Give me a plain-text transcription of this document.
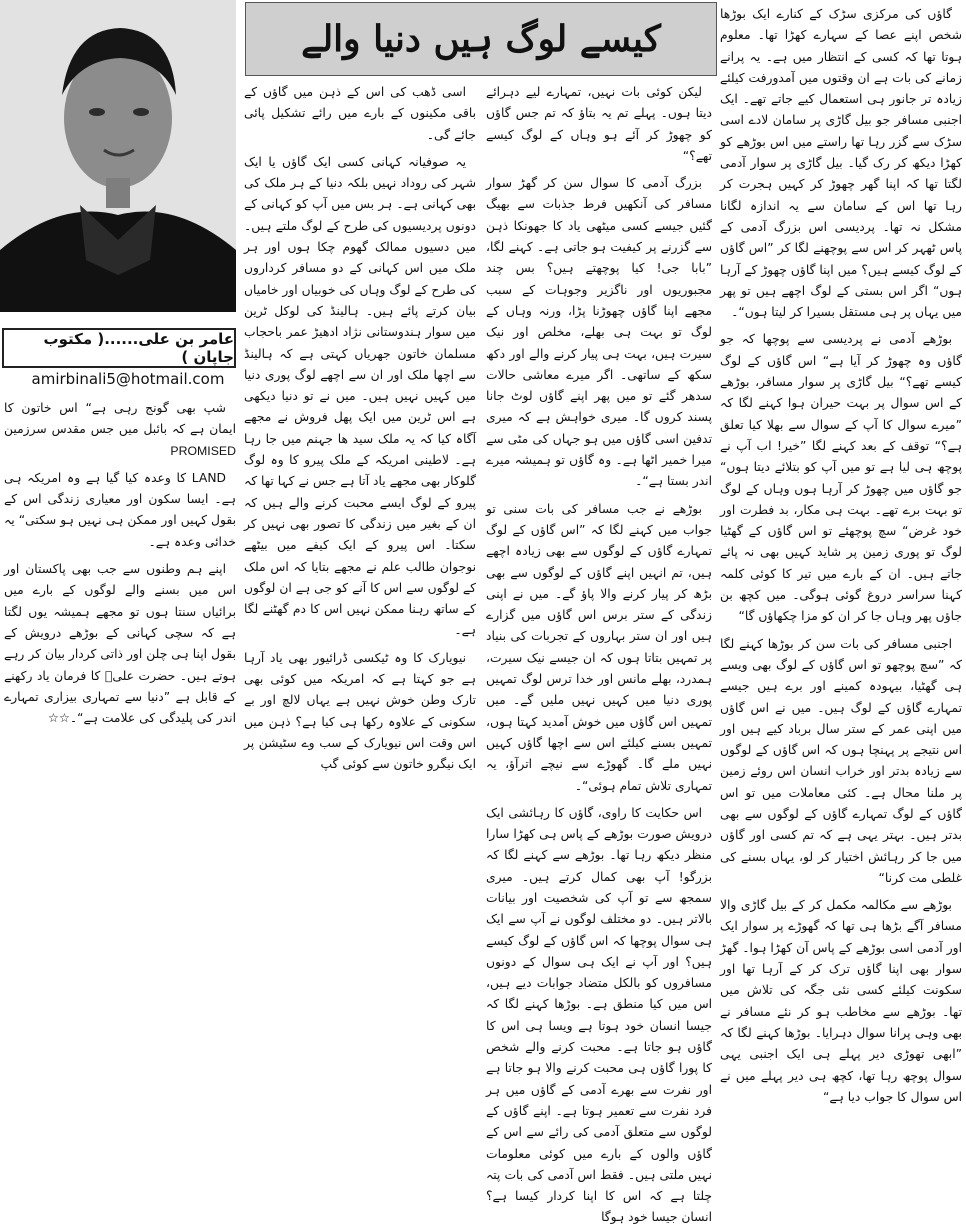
عامر بن علی......( مکتوب جاپان )
amirbinali5@hotmail.com
کیسے لوگ ہیں دنیا والے

گاؤں کی مرکزی سڑک کے کنارے ایک بوڑھا شخص اپنے عصا کے سہارے کھڑا تھا۔ معلوم ہوتا تھا کہ کسی کے انتظار میں ہے۔ یہ پرانے زمانے کی بات ہے ان وقتوں میں آمدورفت کیلئے زیادہ تر جانور ہی استعمال کیے جاتے تھے۔ ایک اجنبی مسافر جو بیل گاڑی پر سامان لادے اسی سڑک سے گزر رہا تھا راستے میں اس بوڑھے کو کھڑا دیکھ کر رک گیا۔ بیل گاڑی پر سوار آدمی لگتا تھا کہ اپنا گھر چھوڑ کر کہیں ہجرت کر رہا تھا اس کے سامان سے یہ اندازہ لگانا مشکل نہ تھا۔ پردیسی اس بزرگ آدمی کے پاس ٹھہر کر اس سے پوچھنے لگا کر ”اس گاؤں کے لوگ کیسے ہیں؟ میں اپنا گاؤں چھوڑ کے آرہا ہوں“ اگر اس بستی کے لوگ اچھے ہیں تو پھر میں یہاں پر ہی مستقل بسیرا کر لیتا ہوں“۔

بوڑھے آدمی نے پردیسی سے پوچھا کہ جو گاؤں وہ چھوڑ کر آیا ہے“ اس گاؤں کے لوگ کیسے تھے؟“ بیل گاڑی پر سوار مسافر، بوڑھے کے اس سوال پر بہت حیران ہوا کہنے لگا کہ ”میرے سوال کا آپ کے سوال سے بھلا کیا تعلق ہے؟“ توقف کے بعد کہنے لگا ”خیر! اب آپ نے پوچھ ہی لیا ہے تو میں آپ کو بتلائے دیتا ہوں“ جو گاؤں میں چھوڑ کر آرہا ہوں وہاں کے لوگ تو بہت برے تھے۔ بہت ہی مکار، بد فطرت اور خود غرض“ سچ پوچھئے تو اس گاؤں کے گھٹیا لوگ تو پوری زمین پر شاید کہیں بھی نہ پائے جاتے ہیں۔ ان کے بارے میں تیر کا کوئی کلمہ کہنا سراسر دروغ گوئی ہوگی۔ میں کچھ بن جاؤں پھر وہاں جا کر ان کو مزا چکھاؤں گا“

اجنبی مسافر کی بات سن کر بوڑھا کہنے لگا کہ ”سچ پوچھو تو اس گاؤں کے لوگ بھی ویسے ہی گھٹیا، بیہودہ کمینے اور برے ہیں جیسے تمہارے گاؤں کے لوگ ہیں۔ میں نے اس گاؤں میں اپنی عمر کے ستر سال برباد کیے ہیں اور اس نتیجے پر پہنچا ہوں کہ اس گاؤں کے لوگوں سے زیادہ بدتر اور خراب انسان اس روئے زمین پر ملنا محال ہے۔ کئی معاملات میں تو اس گاؤں کے لوگ تمہارے گاؤں کے لوگوں سے بھی بدتر ہیں۔ بہتر یہی ہے کہ تم کسی اور گاؤں میں جا کر رہائش اختیار کر لو، یہاں بسنے کی غلطی مت کرنا“

بوڑھے سے مکالمہ مکمل کر کے بیل گاڑی والا مسافر آگے بڑھا ہی تھا کہ گھوڑے پر سوار ایک اور آدمی اسی بوڑھے کے پاس آن کھڑا ہوا۔ گھڑ سوار بھی اپنا گاؤں ترک کر کے آرہا تھا اور سکونت کیلئے کسی نئی جگہ کی تلاش میں تھا۔ بوڑھے سے مخاطب ہو کر نئے مسافر نے بھی وہی پرانا سوال دہرایا۔ بوڑھا کہنے لگا کہ ”ابھی تھوڑی دیر پہلے ہی ایک اجنبی یہی سوال پوچھ رہا تھا، کچھ ہی دیر پہلے میں نے اس سوال کا جواب دیا ہے“

لیکن کوئی بات نہیں، تمہارے لیے دہرائے دیتا ہوں۔ پہلے تم یہ بتاؤ کہ تم جس گاؤں کو چھوڑ کر آئے ہو وہاں کے لوگ کیسے تھے؟“

بزرگ آدمی کا سوال سن کر گھڑ سوار مسافر کی آنکھیں فرط جذبات سے بھیگ گئیں جیسے کسی میٹھی یاد کا جھونکا ذہن سے گزرنے پر کیفیت ہو جاتی ہے۔ کہنے لگا، ”بابا جی! کیا پوچھتے ہیں؟ بس چند مجبوریوں اور ناگزیر وجوہات کے سبب مجھے اپنا گاؤں چھوڑنا پڑا، ورنہ وہاں کے لوگ تو بہت ہی بھلے، مخلص اور نیک سیرت ہیں، بہت ہی پیار کرنے والے اور دکھ سکھ کے ساتھی۔ اگر میرے معاشی حالات سدھر گئے تو میں پھر اپنے گاؤں لوٹ جانا پسند کروں گا۔ میری خواہش ہے کہ میری تدفین اسی گاؤں میں ہو جہاں کی مٹی سے میرا خمیر اٹھا ہے۔ وہ گاؤں تو ہمیشہ میرے اندر بستا ہے“۔

بوڑھے نے جب مسافر کی بات سنی تو جواب میں کہنے لگا کہ ”اس گاؤں کے لوگ تمہارے گاؤں کے لوگوں سے بھی زیادہ اچھے ہیں، تم انہیں اپنے گاؤں کے لوگوں سے بھی بڑھ کر پیار کرنے والا پاؤ گے۔ میں نے اپنی زندگی کے ستر برس اس گاؤں میں گزارے ہیں اور ان ستر بہاروں کے تجربات کی بنیاد پر تمہیں بتاتا ہوں کہ ان جیسے نیک سیرت، ہمدرد، بھلے مانس اور خدا ترس لوگ تمہیں پوری دنیا میں کہیں نہیں ملیں گے۔ میں تمہیں اس گاؤں میں خوش آمدید کہتا ہوں، تمہیں بسنے کیلئے اس سے اچھا گاؤں کہیں نہیں ملے گا۔ گھوڑے سے نیچے اترآؤ، یہ تمہاری تلاش تمام ہوئی“۔

اس حکایت کا راوی، گاؤں کا رہائشی ایک درویش صورت بوڑھے کے پاس ہی کھڑا سارا منظر دیکھ رہا تھا۔ بوڑھے سے کہنے لگا کہ بزرگو! آپ بھی کمال کرتے ہیں۔ میری سمجھ سے تو آپ کی شخصیت اور بیانات بالاتر ہیں۔ دو مختلف لوگوں نے آپ سے ایک ہی سوال پوچھا کہ اس گاؤں کے لوگ کیسے ہیں؟ اور آپ نے ایک ہی سوال کے دونوں مسافروں کو بالکل متضاد جوابات دیے ہیں، اس میں کیا منطق ہے۔ بوڑھا کہنے لگا کہ جیسا انسان خود ہوتا ہے ویسا ہی اس کا گاؤں ہو جاتا ہے۔ محبت کرنے والے شخص کا پورا گاؤں ہی محبت کرنے والا ہو جاتا ہے اور نفرت سے بھرے آدمی کے گاؤں میں ہر فرد نفرت سے تعمیر ہوتا ہے۔ اپنے گاؤں کے لوگوں سے متعلق آدمی کی رائے سے اس کے گاؤں والوں کے بارے میں کوئی معلومات نہیں ملتی ہیں۔ فقط اس آدمی کی بات پتہ چلتا ہے کہ اس کا اپنا کردار کیسا ہے؟ انسان جیسا خود ہوگا

اسی ڈھب کی اس کے ذہن میں گاؤں کے باقی مکینوں کے بارے میں رائے تشکیل پائی جائے گی۔

یہ صوفیانہ کہانی کسی ایک گاؤں یا ایک شہر کی روداد نہیں بلکہ دنیا کے ہر ملک کی بھی کہانی ہے۔ ہر بس میں آپ کو کہانی کے دونوں پردیسیوں کی طرح کے لوگ ملتے ہیں۔ میں دسیوں ممالک گھوم چکا ہوں اور ہر ملک میں اس کہانی کے دو مسافر کرداروں کی طرح کے لوگ وہاں کی خوبیاں اور خامیاں بیان کرتے پائے ہیں۔ ہالینڈ کی لوکل ٹرین میں سوار ہندوستانی نژاد ادھیڑ عمر باحجاب مسلمان خاتون جھریاں کہتی ہے کہ ہالینڈ سے اچھا ملک اور ان سے اچھے لوگ پوری دنیا میں کہیں نہیں ہیں۔ میں نے تو دنیا دیکھی ہے اس ٹرین میں ایک پھل فروش نے مجھے آگاہ کیا کہ یہ ملک سید ھا جہنم میں جا رہا ہے۔ لاطینی امریکہ کے ملک پیرو کا وہ لوگ گلوکار بھی مجھے یاد آتا ہے جس نے کہا تھا کہ پیرو کے لوگ ایسے محبت کرنے والے ہیں کہ ان کے بغیر میں زندگی کا تصور بھی نہیں کر سکتا۔ اس پیرو کے ایک کیفے میں بیٹھے نوجوان طالب علم نے مجھے بتایا کہ اس ملک کے لوگوں سے اس کا آنے کو جی ہے ان لوگوں کے ساتھ رہنا ممکن نہیں اس کا دم گھٹنے لگا ہے۔

نیویارک کا وہ ٹیکسی ڈرائیور بھی یاد آرہا ہے جو کہتا ہے کہ امریکہ میں کوئی بھی تارک وطن خوش نہیں ہے یہاں لالچ اور بے سکونی کے علاوہ رکھا ہی کیا ہے؟ ذہن میں اس وقت اس نیویارک کے سب وے سٹیشن پر ایک نیگرو خاتون سے کوئی گپ

شپ بھی گونج رہی ہے“ اس خاتون کا ایمان ہے کہ بائبل میں جس مقدس سرزمین PROMISED

LAND کا وعدہ کیا گیا ہے وہ امریکہ ہی ہے۔ ایسا سکون اور معیاری زندگی اس کے بقول کہیں اور ممکن ہی نہیں ہو سکتی“ یہ خدائی وعدہ ہے۔

اپنے ہم وطنوں سے جب بھی پاکستان اور اس میں بسنے والے لوگوں کے بارے میں برائیاں سنتا ہوں تو مجھے ہمیشہ یوں لگتا ہے کہ سچی کہانی کے بوڑھے درویش کے بقول اپنا ہی چلن اور ذاتی کردار بیان کر رہے ہوتے ہیں۔ حضرت علیؓ کا فرمان یاد رکھنے کے قابل ہے ”دنیا سے تمہاری بیزاری تمہارے اندر کی پلیدگی کی علامت ہے“۔☆☆
